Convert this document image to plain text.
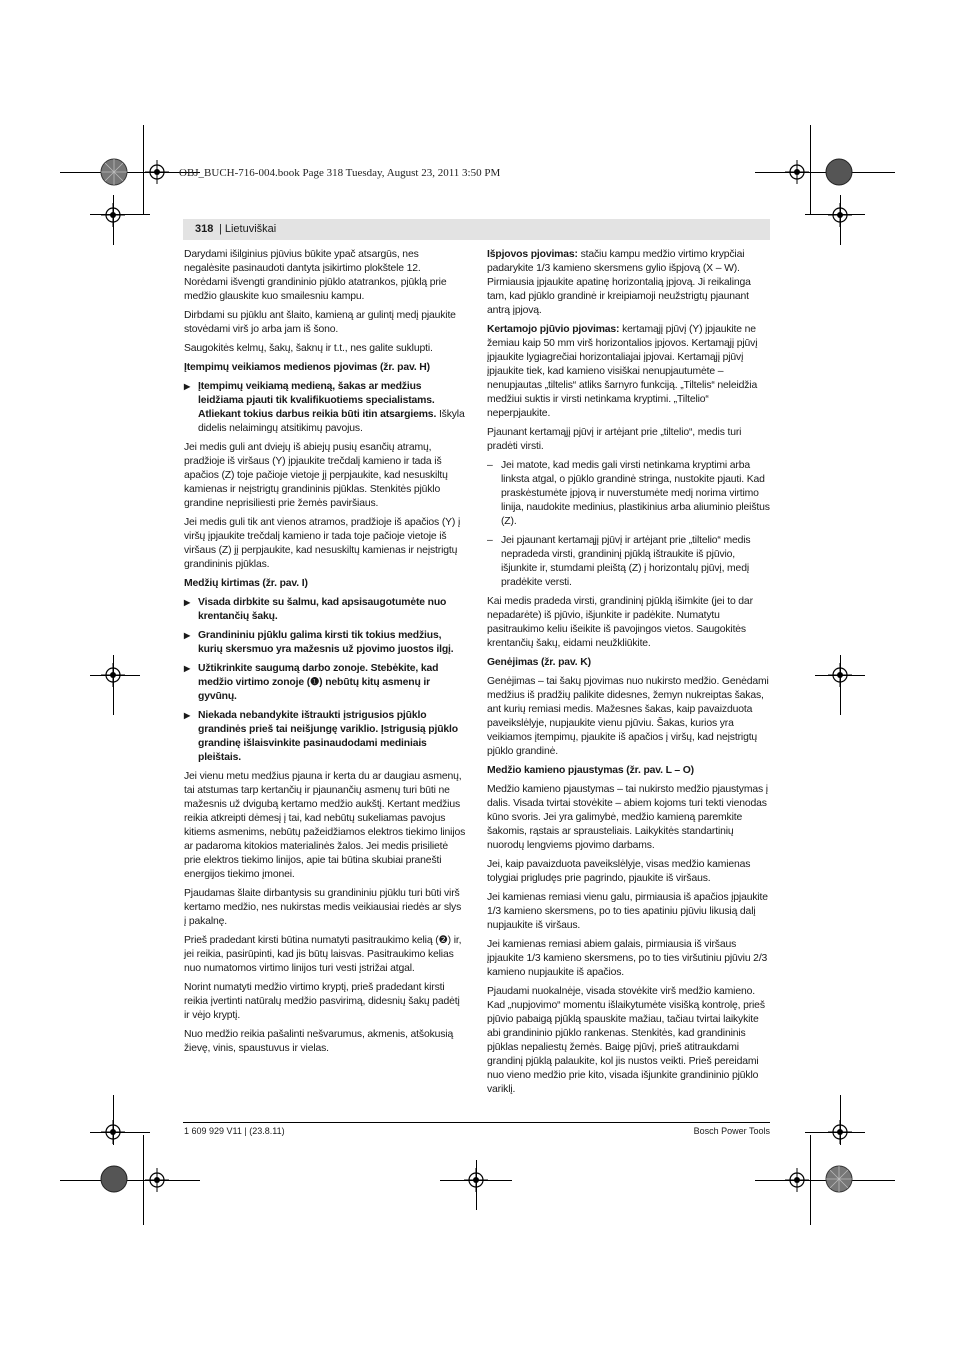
OBJ_BUCH-716-004.book Page 318 Tuesday, August 23, 2011 3:50 PM
318
|	Lietuviškai

Darydami išilginius pjūvius būkite ypač atsargūs, nes negalėsite pasinaudoti dantyta įsikirtimo plokštele 12. Norėdami išvengti grandininio pjūklo atatrankos, pjūklą prie medžio glauskite kuo smailesniu kampu.

Dirbdami su pjūklu ant šlaito, kamieną ar gulintį medį pjaukite stovėdami virš jo arba jam iš šono.

Saugokitės kelmų, šakų, šaknų ir t.t., nes galite suklupti.

Įtempimų veikiamos medienos pjovimas (žr. pav. H)
▶ Įtempimų veikiamą medieną, šakas ar medžius leidžiama pjauti tik kvalifikuotiems specialistams. Atliekant tokius darbus reikia būti itin atsargiems. Iškyla didelis nelaimingų atsitikimų pavojus.

Jei medis guli ant dviejų iš abiejų pusių esančių atramų, pradžioje iš viršaus (Y) įpjaukite trečdalį kamieno ir tada iš apačios (Z) toje pačioje vietoje jį perpjaukite, kad nesuskiltų kamienas ir neįstrigtų grandininis pjūklas. Stenkitės pjūklo grandine neprisiliesti prie žemės paviršiaus.

Jei medis guli tik ant vienos atramos, pradžioje iš apačios (Y) į viršų įpjaukite trečdalį kamieno ir tada toje pačioje vietoje iš viršaus (Z) jį perpjaukite, kad nesuskiltų kamienas ir neįstrigtų grandininis pjūklas.

Medžių kirtimas (žr. pav. I)
▶ Visada dirbkite su šalmu, kad apsisaugotumėte nuo krentančių šakų.
▶ Grandininiu pjūklu galima kirsti tik tokius medžius, kurių skersmuo yra mažesnis už pjovimo juostos ilgį.
▶ Užtikrinkite saugumą darbo zonoje. Stebėkite, kad medžio virtimo zonoje (❶) nebūtų kitų asmenų ir gyvūnų.
▶ Niekada nebandykite ištraukti įstrigusios pjūklo grandinės prieš tai neišjungę variklio. Įstrigusią pjūklo grandinę išlaisvinkite pasinaudodami mediniais pleištais.

Jei vienu metu medžius pjauna ir kerta du ar daugiau asmenų, tai atstumas tarp kertančių ir pjaunančių asmenų turi būti ne mažesnis už dvigubą kertamo medžio aukštį. Kertant medžius reikia atkreipti dėmesį į tai, kad nebūtų sukeliamas pavojus kitiems asmenims, nebūtų pažeidžiamos elektros tiekimo linijos ar padaroma kitokios materialinės žalos. Jei medis prisilietė prie elektros tiekimo linijos, apie tai būtina skubiai pranešti energijos tiekimo įmonei.

Pjaudamas šlaite dirbantysis su grandininiu pjūklu turi būti virš kertamo medžio, nes nukirstas medis veikiausiai riedės ar slys į pakalnę.

Prieš pradedant kirsti būtina numatyti pasitraukimo kelią (❷) ir, jei reikia, pasirūpinti, kad jis būtų laisvas. Pasitraukimo kelias nuo numatomos virtimo linijos turi vesti įstrižai atgal.

Norint numatyti medžio virtimo kryptį, prieš pradedant kirsti reikia įvertinti natūralų medžio pasvirimą, didesnių šakų padėtį ir vėjo kryptį.

Nuo medžio reikia pašalinti nešvarumus, akmenis, atšokusią žievę, vinis, spaustuvus ir vielas.

Išpjovos pjovimas: stačiu kampu medžio virtimo krypčiai padarykite 1/3 kamieno skersmens gylio išpjovą (X – W). Pirmiausia įpjaukite apatinę horizontalią įpjovą. Ji reikalinga tam, kad pjūklo grandinė ir kreipiamoji neužstrigtų pjaunant antrą įpjovą.

Kertamojo pjūvio pjovimas: kertamąjį pjūvį (Y) įpjaukite ne žemiau kaip 50 mm virš horizontalios įpjovos. Kertamąjį pjūvį įpjaukite lygiagrečiai horizontaliajai įpjovai. Kertamąjį pjūvį įpjaukite tiek, kad kamieno visiškai nenupjautumėte – nenupjautas „tiltelis“ atliks šarnyro funkciją. „Tiltelis“ neleidžia medžiui suktis ir virsti netinkama kryptimi. „Tiltelio“ neperpjaukite.

Pjaunant kertamąjį pjūvį ir artėjant prie „tiltelio“, medis turi pradėti virsti.

– Jei matote, kad medis gali virsti netinkama kryptimi arba linksta atgal, o pjūklo grandinė stringa, nustokite pjauti. Kad praskėstumėte įpjovą ir nuverstumėte medį norima virtimo linija, naudokite medinius, plastikinius arba aliuminio pleištus (Z).
– Jei pjaunant kertamąjį pjūvį ir artėjant prie „tiltelio“ medis nepradeda virsti, grandininį pjūklą ištraukite iš pjūvio, išjunkite ir, stumdami pleištą (Z) į horizontalų pjūvį, medį pradėkite versti.

Kai medis pradeda virsti, grandininį pjūklą išimkite (jei to dar nepadarėte) iš pjūvio, išjunkite ir padėkite. Numatytu pasitraukimo keliu išeikite iš pavojingos vietos. Saugokitės krentančių šakų, eidami neužkliūkite.

Genėjimas (žr. pav. K)

Genėjimas – tai šakų pjovimas nuo nukirsto medžio. Genėdami medžius iš pradžių palikite didesnes, žemyn nukreiptas šakas, ant kurių remiasi medis. Mažesnes šakas, kaip pavaizduota paveikslėlyje, nupjaukite vienu pjūviu. Šakas, kurios yra veikiamos įtempimų, pjaukite iš apačios į viršų, kad neįstrigtų pjūklo grandinė.

Medžio kamieno pjaustymas (žr. pav. L – O)

Medžio kamieno pjaustymas – tai nukirsto medžio pjaustymas į dalis. Visada tvirtai stovėkite – abiem kojoms turi tekti vienodas kūno svoris. Jei yra galimybė, medžio kamieną paremkite šakomis, rąstais ar sprausteliais. Laikykitės standartinių nuorodų lengviems pjovimo darbams.

Jei, kaip pavaizduota paveikslėlyje, visas medžio kamienas tolygiai prigludęs prie pagrindo, pjaukite iš viršaus.

Jei kamienas remiasi vienu galu, pirmiausia iš apačios įpjaukite 1/3 kamieno skersmens, po to ties apatiniu pjūviu likusią dalį nupjaukite iš viršaus.

Jei kamienas remiasi abiem galais, pirmiausia iš viršaus įpjaukite 1/3 kamieno skersmens, po to ties viršutiniu pjūviu 2/3 kamieno nupjaukite iš apačios.

Pjaudami nuokalnėje, visada stovėkite virš medžio kamieno. Kad „nupjovimo“ momentu išlaikytumėte visišką kontrolę, prieš pjūvio pabaigą pjūklą spauskite mažiau, tačiau tvirtai laikykite abi grandininio pjūklo rankenas. Stenkitės, kad grandininis pjūklas nepaliestų žemės. Baigę pjūvį, prieš atitraukdami grandinį pjūklą palaukite, kol jis nustos veikti. Prieš pereidami nuo vieno medžio prie kito, visada išjunkite grandininio pjūklo variklį.

1 609 929 V11 | (23.8.11)	Bosch Power Tools
